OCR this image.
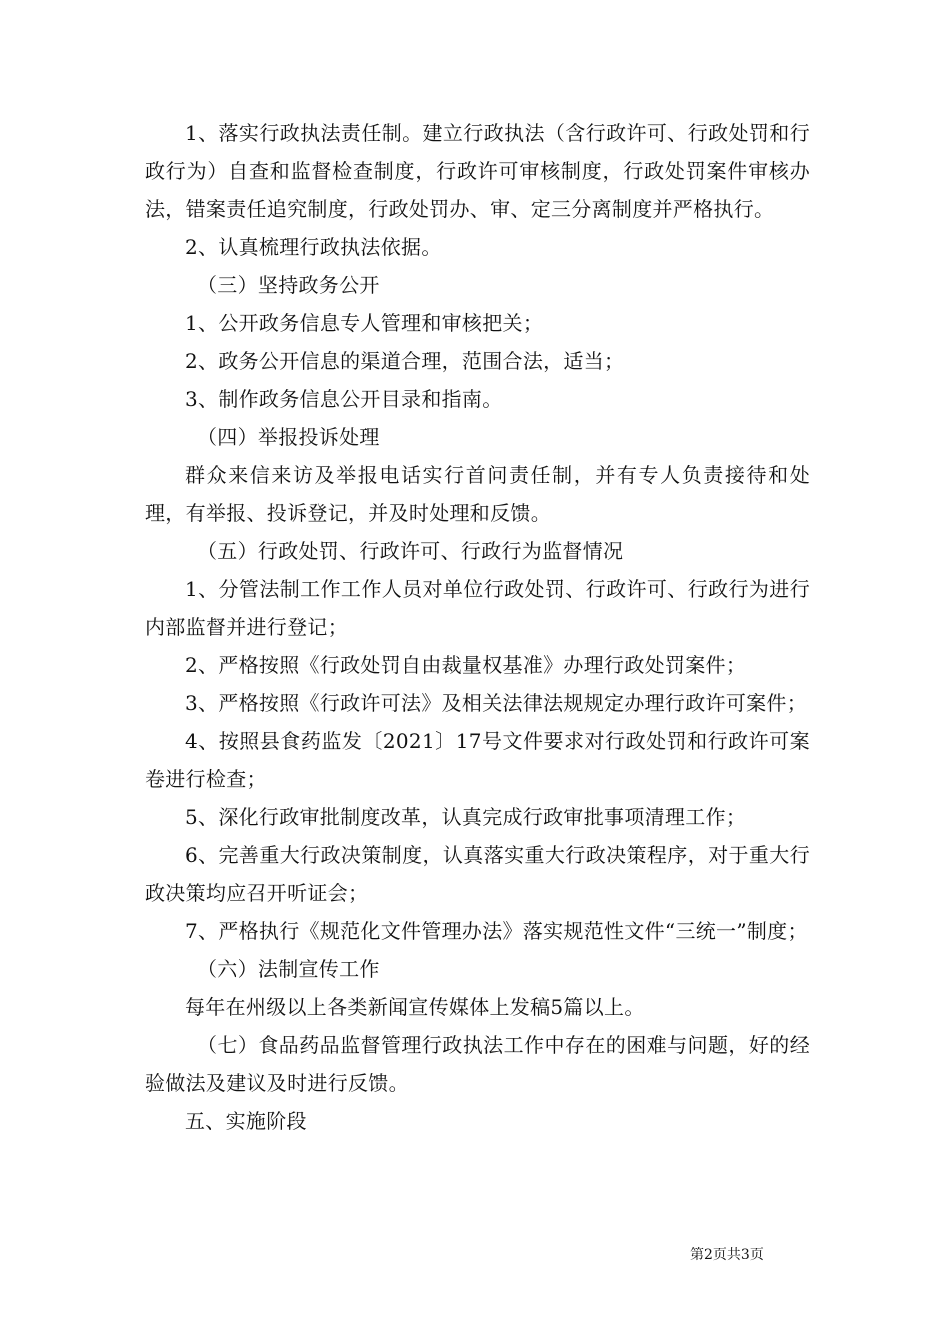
1、落实行政执法责任制。建立行政执法（含行政许可、行政处罚和行政行为）自查和监督检查制度，行政许可审核制度，行政处罚案件审核办法，错案责任追究制度，行政处罚办、审、定三分离制度并严格执行。

2、认真梳理行政执法依据。

（三）坚持政务公开

1、公开政务信息专人管理和审核把关；

2、政务公开信息的渠道合理，范围合法，适当；

3、制作政务信息公开目录和指南。

（四）举报投诉处理

群众来信来访及举报电话实行首问责任制，并有专人负责接待和处理，有举报、投诉登记，并及时处理和反馈。

（五）行政处罚、行政许可、行政行为监督情况

1、分管法制工作工作人员对单位行政处罚、行政许可、行政行为进行内部监督并进行登记；

2、严格按照《行政处罚自由裁量权基准》办理行政处罚案件；

3、严格按照《行政许可法》及相关法律法规规定办理行政许可案件；

4、按照县食药监发〔2021〕17号文件要求对行政处罚和行政许可案卷进行检查；

5、深化行政审批制度改革，认真完成行政审批事项清理工作；

6、完善重大行政决策制度，认真落实重大行政决策程序，对于重大行政决策均应召开听证会；

7、严格执行《规范化文件管理办法》落实规范性文件“三统一”制度；

（六）法制宣传工作

每年在州级以上各类新闻宣传媒体上发稿5篇以上。

（七）食品药品监督管理行政执法工作中存在的困难与问题，好的经验做法及建议及时进行反馈。

五、实施阶段

第2页共3页
